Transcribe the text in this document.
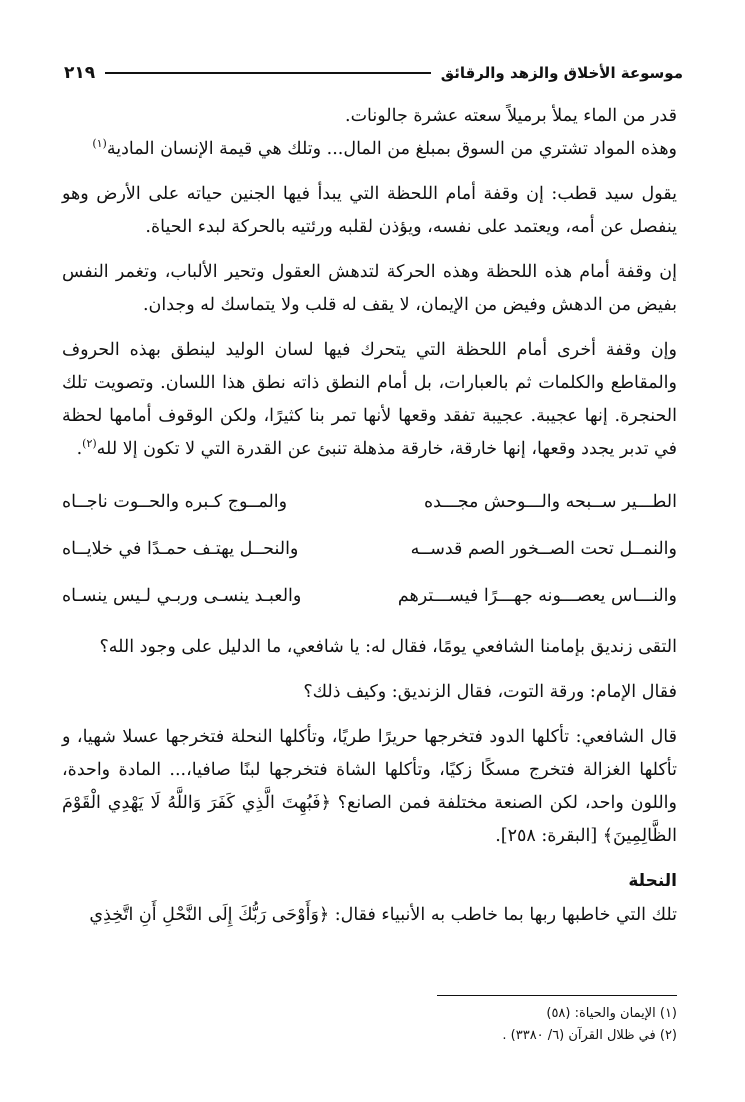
موسوعة الأخلاق والزهد والرقائق
٢١٩

قدر من الماء يملأ برميلاً سعته عشرة جالونات.

وهذه المواد تشتري من السوق بمبلغ من المال... وتلك هي قيمة الإنسان المادية$^{(١)}$

يقول سيد قطب: إن وقفة أمام اللحظة التي يبدأ فيها الجنين حياته على الأرض وهو ينفصل عن أمه، ويعتمد على نفسه، ويؤذن لقلبه ورئتيه بالحركة لبدء الحياة.

إن وقفة أمام هذه اللحظة وهذه الحركة لتدهش العقول وتحير الألباب، وتغمر النفس بفيض من الدهش وفيض من الإيمان، لا يقف له قلب ولا يتماسك له وجدان.

وإن وقفة أخرى أمام اللحظة التي يتحرك فيها لسان الوليد لينطق بهذه الحروف والمقاطع والكلمات ثم بالعبارات، بل أمام النطق ذاته نطق هذا اللسان. وتصويت تلك الحنجرة. إنها عجيبة. عجيبة تفقد وقعها لأنها تمر بنا كثيرًا، ولكن الوقوف أمامها لحظة في تدبر يجدد وقعها، إنها خارقة، خارقة مذهلة تنبئ عن القدرة التي لا تكون إلا لله$^{(٢)}$.

الطـــير ســبحه والـــوحش مجـــده
والمــوج كـبره والحــوت ناجــاه
والنمــل تحت الصــخور الصم قدســه
والنحــل يهتـف حمـدًا في خلايــاه
والنـــاس يعصـــونه جهـــرًا فيســـترهم
والعبـد ينسـى وربـي لـيس ينسـاه

التقى زنديق بإمامنا الشافعي يومًا، فقال له: يا شافعي، ما الدليل على وجود الله؟

فقال الإمام: ورقة التوت، فقال الزنديق: وكيف ذلك؟

قال الشافعي: تأكلها الدود فتخرجها حريرًا طريًا، وتأكلها النحلة فتخرجها عسلا شهيا، و تأكلها الغزالة فتخرج مسكًا زكيًا، وتأكلها الشاة فتخرجها لبنًا صافيا،... المادة واحدة، واللون واحد، لكن الصنعة مختلفة فمن الصانع؟ ﴿فَبُهِتَ الَّذِي كَفَرَ وَاللَّهُ لَا يَهْدِي الْقَوْمَ الظَّالِمِينَ﴾ [البقرة: ٢٥٨].

النحلة

تلك التي خاطبها ربها بما خاطب به الأنبياء فقال: ﴿وَأَوْحَى رَبُّكَ إِلَى النَّحْلِ أَنِ اتَّخِذِي

(١) الإيمان والحياة: (٥٨)
(٢) في ظلال القرآن (٦/ ٣٣٨٠) .
